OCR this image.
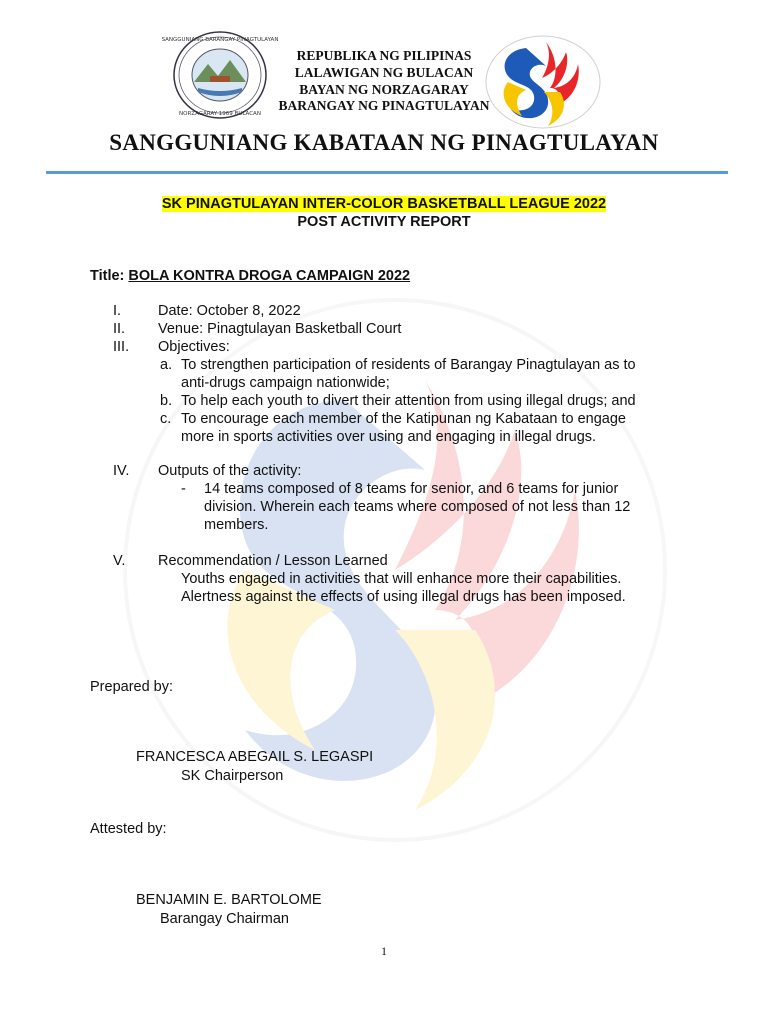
SANGGUNIANG BARANGAY PINAGTULAYAN
NORZAGARAY 1969 BULACAN
REPUBLIKA NG PILIPINAS
LALAWIGAN NG BULACAN
BAYAN NG NORZAGARAY
BARANGAY NG PINAGTULAYAN
SANGGUNIANG KABATAAN NG PINAGTULAYAN
SK PINAGTULAYAN INTER-COLOR BASKETBALL LEAGUE 2022
POST ACTIVITY REPORT
Title: BOLA KONTRA DROGA CAMPAIGN 2022
I.	Date: October 8, 2022
II. Venue: Pinagtulayan Basketball Court
III. Objectives:
a. To strengthen participation of residents of Barangay Pinagtulayan as to
anti-drugs campaign nationwide;
b. To help each youth to divert their attention from using illegal drugs; and
c. To encourage each member of the Katipunan ng Kabataan to engage
more in sports activities over using and engaging in illegal drugs.
IV. Outputs of the activity:
- 14 teams composed of 8 teams for senior, and 6 teams for junior
division. Wherein each teams where composed of not less than 12
members.
V. Recommendation / Lesson Learned
Youths engaged in activities that will enhance more their capabilities.
Alertness against the effects of using illegal drugs has been imposed.
Prepared by:
FRANCESCA ABEGAIL S. LEGASPI
SK Chairperson
Attested by:
BENJAMIN E. BARTOLOME
Barangay Chairman
1
